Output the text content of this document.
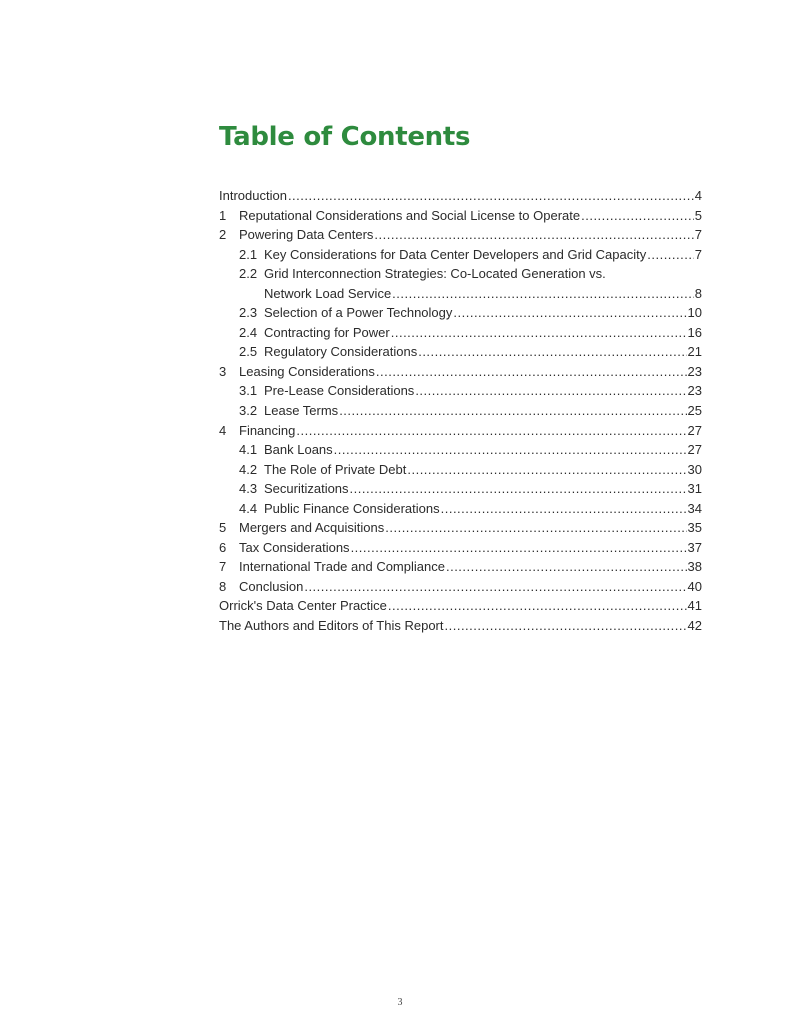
Table of Contents
Introduction .....	4
1 Reputational Considerations and Social License to Operate .....	5
2 Powering Data Centers .....	7
2.1 Key Considerations for Data Center Developers and Grid Capacity .....	7
2.2 Grid Interconnection Strategies: Co-Located Generation vs.
Network Load Service .....	8
2.3 Selection of a Power Technology .....	10
2.4 Contracting for Power .....	16
2.5 Regulatory Considerations .....	21
3 Leasing Considerations .....	23
3.1 Pre-Lease Considerations .....	23
3.2 Lease Terms .....	25
4 Financing .....	27
4.1 Bank Loans .....	27
4.2 The Role of Private Debt .....	30
4.3 Securitizations .....	31
4.4 Public Finance Considerations .....	34
5 Mergers and Acquisitions .....	35
6 Tax Considerations .....	37
7 International Trade and Compliance .....	38
8 Conclusion .....	40
Orrick's Data Center Practice .....	41
The Authors and Editors of This Report .....	42
3
